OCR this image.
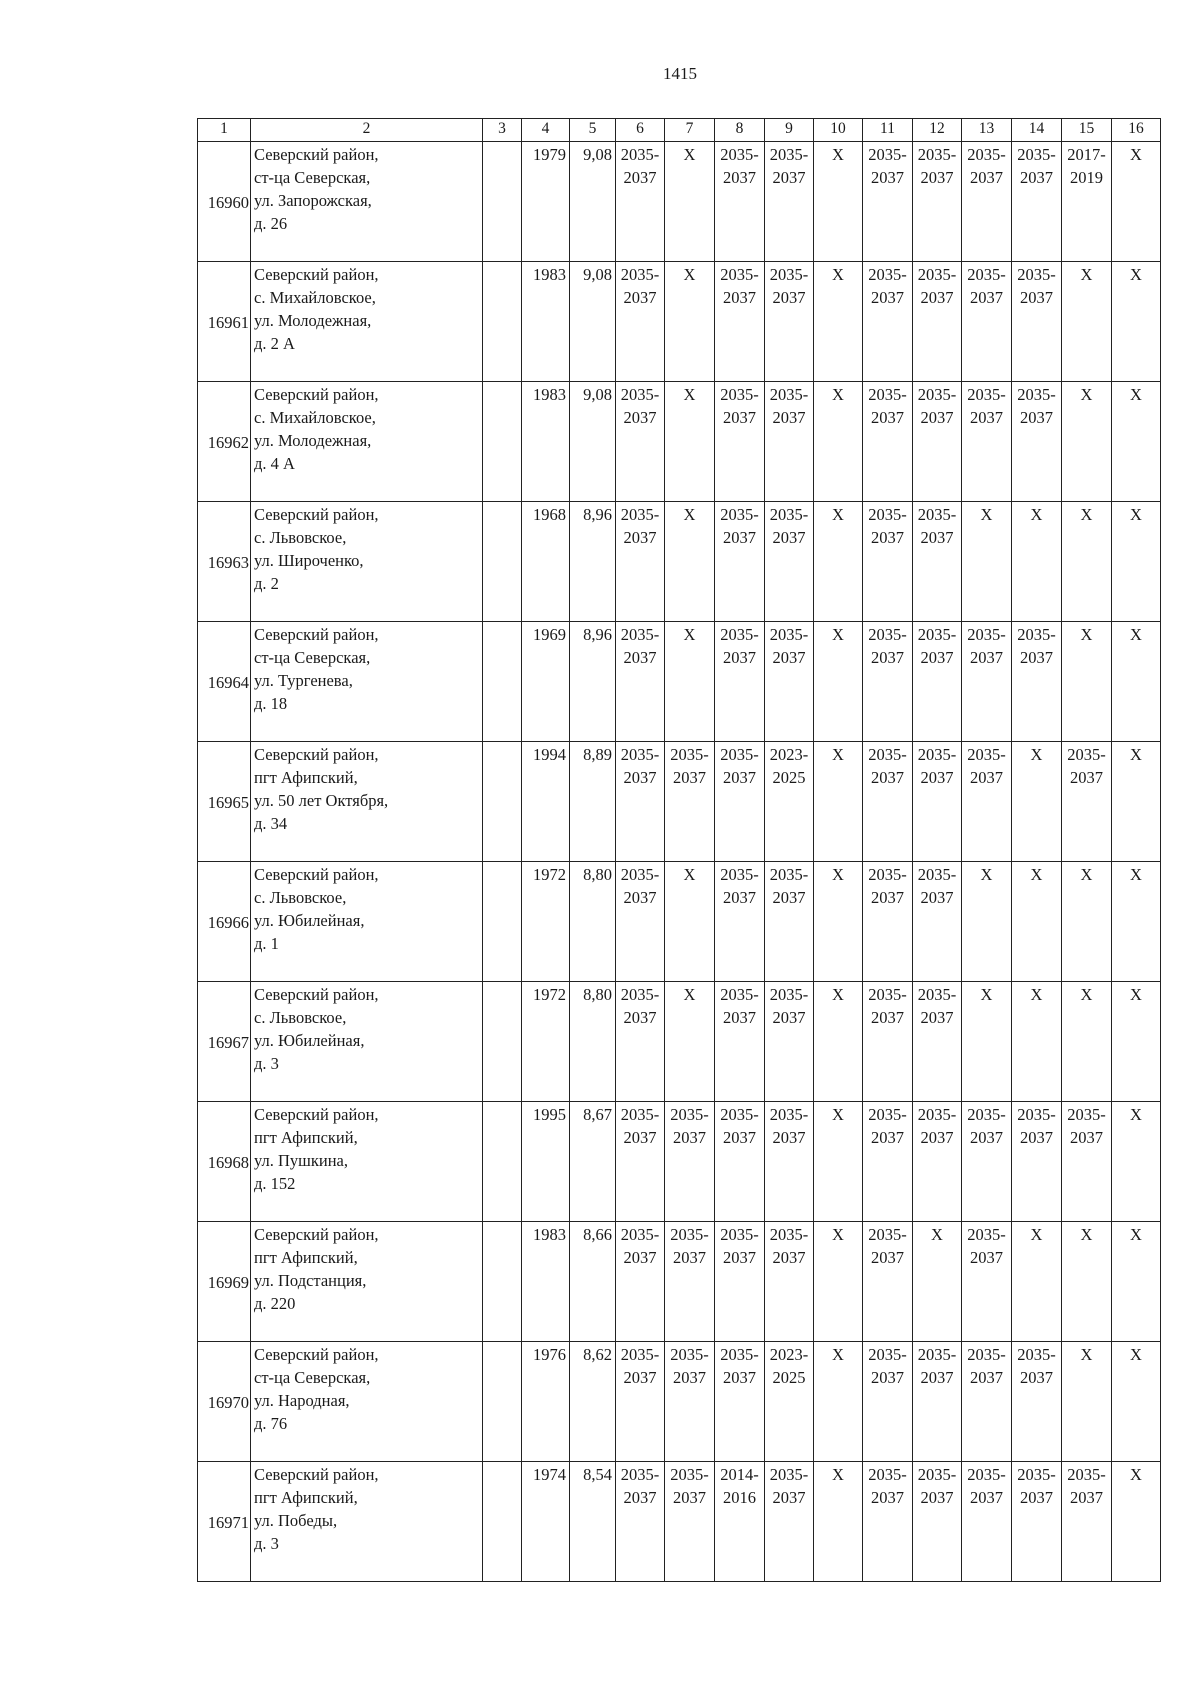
1415
1	2	3	4	5	6	7	8	9	10	11	12	13	14	15	16
16960	Северский район,
ст-ца Северская,
ул. Запорожская,
д. 26		1979	9,08	2035-
2037	X	2035-
2037	2035-
2037	X	2035-
2037	2035-
2037	2035-
2037	2035-
2037	2017-
2019	X
16961	Северский район,
с. Михайловское,
ул. Молодежная,
д. 2 А		1983	9,08	2035-
2037	X	2035-
2037	2035-
2037	X	2035-
2037	2035-
2037	2035-
2037	2035-
2037	X	X
16962	Северский район,
с. Михайловское,
ул. Молодежная,
д. 4 А		1983	9,08	2035-
2037	X	2035-
2037	2035-
2037	X	2035-
2037	2035-
2037	2035-
2037	2035-
2037	X	X
16963	Северский район,
с. Львовское,
ул. Широченко,
д. 2		1968	8,96	2035-
2037	X	2035-
2037	2035-
2037	X	2035-
2037	2035-
2037	X	X	X	X
16964	Северский район,
ст-ца Северская,
ул. Тургенева,
д. 18		1969	8,96	2035-
2037	X	2035-
2037	2035-
2037	X	2035-
2037	2035-
2037	2035-
2037	2035-
2037	X	X
16965	Северский район,
пгт Афипский,
ул. 50 лет Октября,
д. 34		1994	8,89	2035-
2037	2035-
2037	2035-
2037	2023-
2025	X	2035-
2037	2035-
2037	2035-
2037	X	2035-
2037	X
16966	Северский район,
с. Львовское,
ул. Юбилейная,
д. 1		1972	8,80	2035-
2037	X	2035-
2037	2035-
2037	X	2035-
2037	2035-
2037	X	X	X	X
16967	Северский район,
с. Львовское,
ул. Юбилейная,
д. 3		1972	8,80	2035-
2037	X	2035-
2037	2035-
2037	X	2035-
2037	2035-
2037	X	X	X	X
16968	Северский район,
пгт Афипский,
ул. Пушкина,
д. 152		1995	8,67	2035-
2037	2035-
2037	2035-
2037	2035-
2037	X	2035-
2037	2035-
2037	2035-
2037	2035-
2037	2035-
2037	X
16969	Северский район,
пгт Афипский,
ул. Подстанция,
д. 220		1983	8,66	2035-
2037	2035-
2037	2035-
2037	2035-
2037	X	2035-
2037	X	2035-
2037	X	X	X
16970	Северский район,
ст-ца Северская,
ул. Народная,
д. 76		1976	8,62	2035-
2037	2035-
2037	2035-
2037	2023-
2025	X	2035-
2037	2035-
2037	2035-
2037	2035-
2037	X	X
16971	Северский район,
пгт Афипский,
ул. Победы,
д. 3		1974	8,54	2035-
2037	2035-
2037	2014-
2016	2035-
2037	X	2035-
2037	2035-
2037	2035-
2037	2035-
2037	2035-
2037	X
